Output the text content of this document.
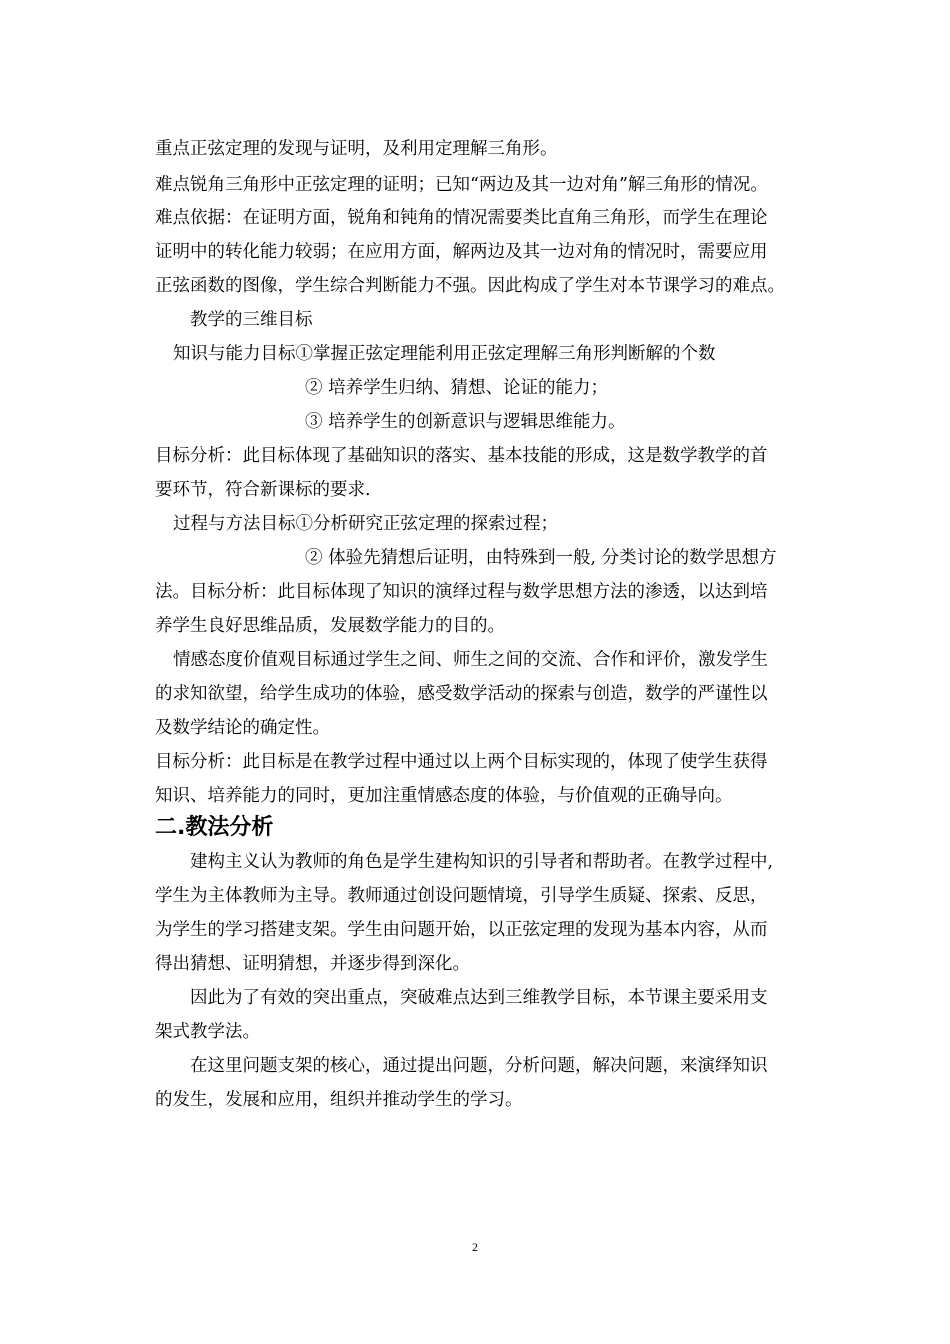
重点正弦定理的发现与证明，及利用定理解三角形。
难点锐角三角形中正弦定理的证明；已知“两边及其一边对角”解三角形的情况。
难点依据：在证明方面，锐角和钝角的情况需要类比直角三角形，而学生在理论
证明中的转化能力较弱；在应用方面，解两边及其一边对角的情况时，需要应用
正弦函数的图像，学生综合判断能力不强。因此构成了学生对本节课学习的难点。
教学的三维目标
知识与能力目标①掌握正弦定理能利用正弦定理解三角形判断解的个数
② 培养学生归纳、猜想、论证的能力；
③ 培养学生的创新意识与逻辑思维能力。
目标分析：此目标体现了基础知识的落实、基本技能的形成，这是数学教学的首
要环节，符合新课标的要求.
过程与方法目标①分析研究正弦定理的探索过程；
② 体验先猜想后证明，由特殊到一般, 分类讨论的数学思想方
法。目标分析：此目标体现了知识的演绎过程与数学思想方法的渗透，以达到培
养学生良好思维品质，发展数学能力的目的。
情感态度价值观目标通过学生之间、师生之间的交流、合作和评价，激发学生
的求知欲望，给学生成功的体验，感受数学活动的探索与创造，数学的严谨性以
及数学结论的确定性。
目标分析：此目标是在教学过程中通过以上两个目标实现的，体现了使学生获得
知识、培养能力的同时，更加注重情感态度的体验，与价值观的正确导向。
二.教法分析
建构主义认为教师的角色是学生建构知识的引导者和帮助者。在教学过程中,
学生为主体教师为主导。教师通过创设问题情境，引导学生质疑、探索、反思，
为学生的学习搭建支架。学生由问题开始，以正弦定理的发现为基本内容，从而
得出猜想、证明猜想，并逐步得到深化。
因此为了有效的突出重点，突破难点达到三维教学目标，本节课主要采用支
架式教学法。
在这里问题支架的核心，通过提出问题，分析问题，解决问题，来演绎知识
的发生，发展和应用，组织并推动学生的学习。
2
